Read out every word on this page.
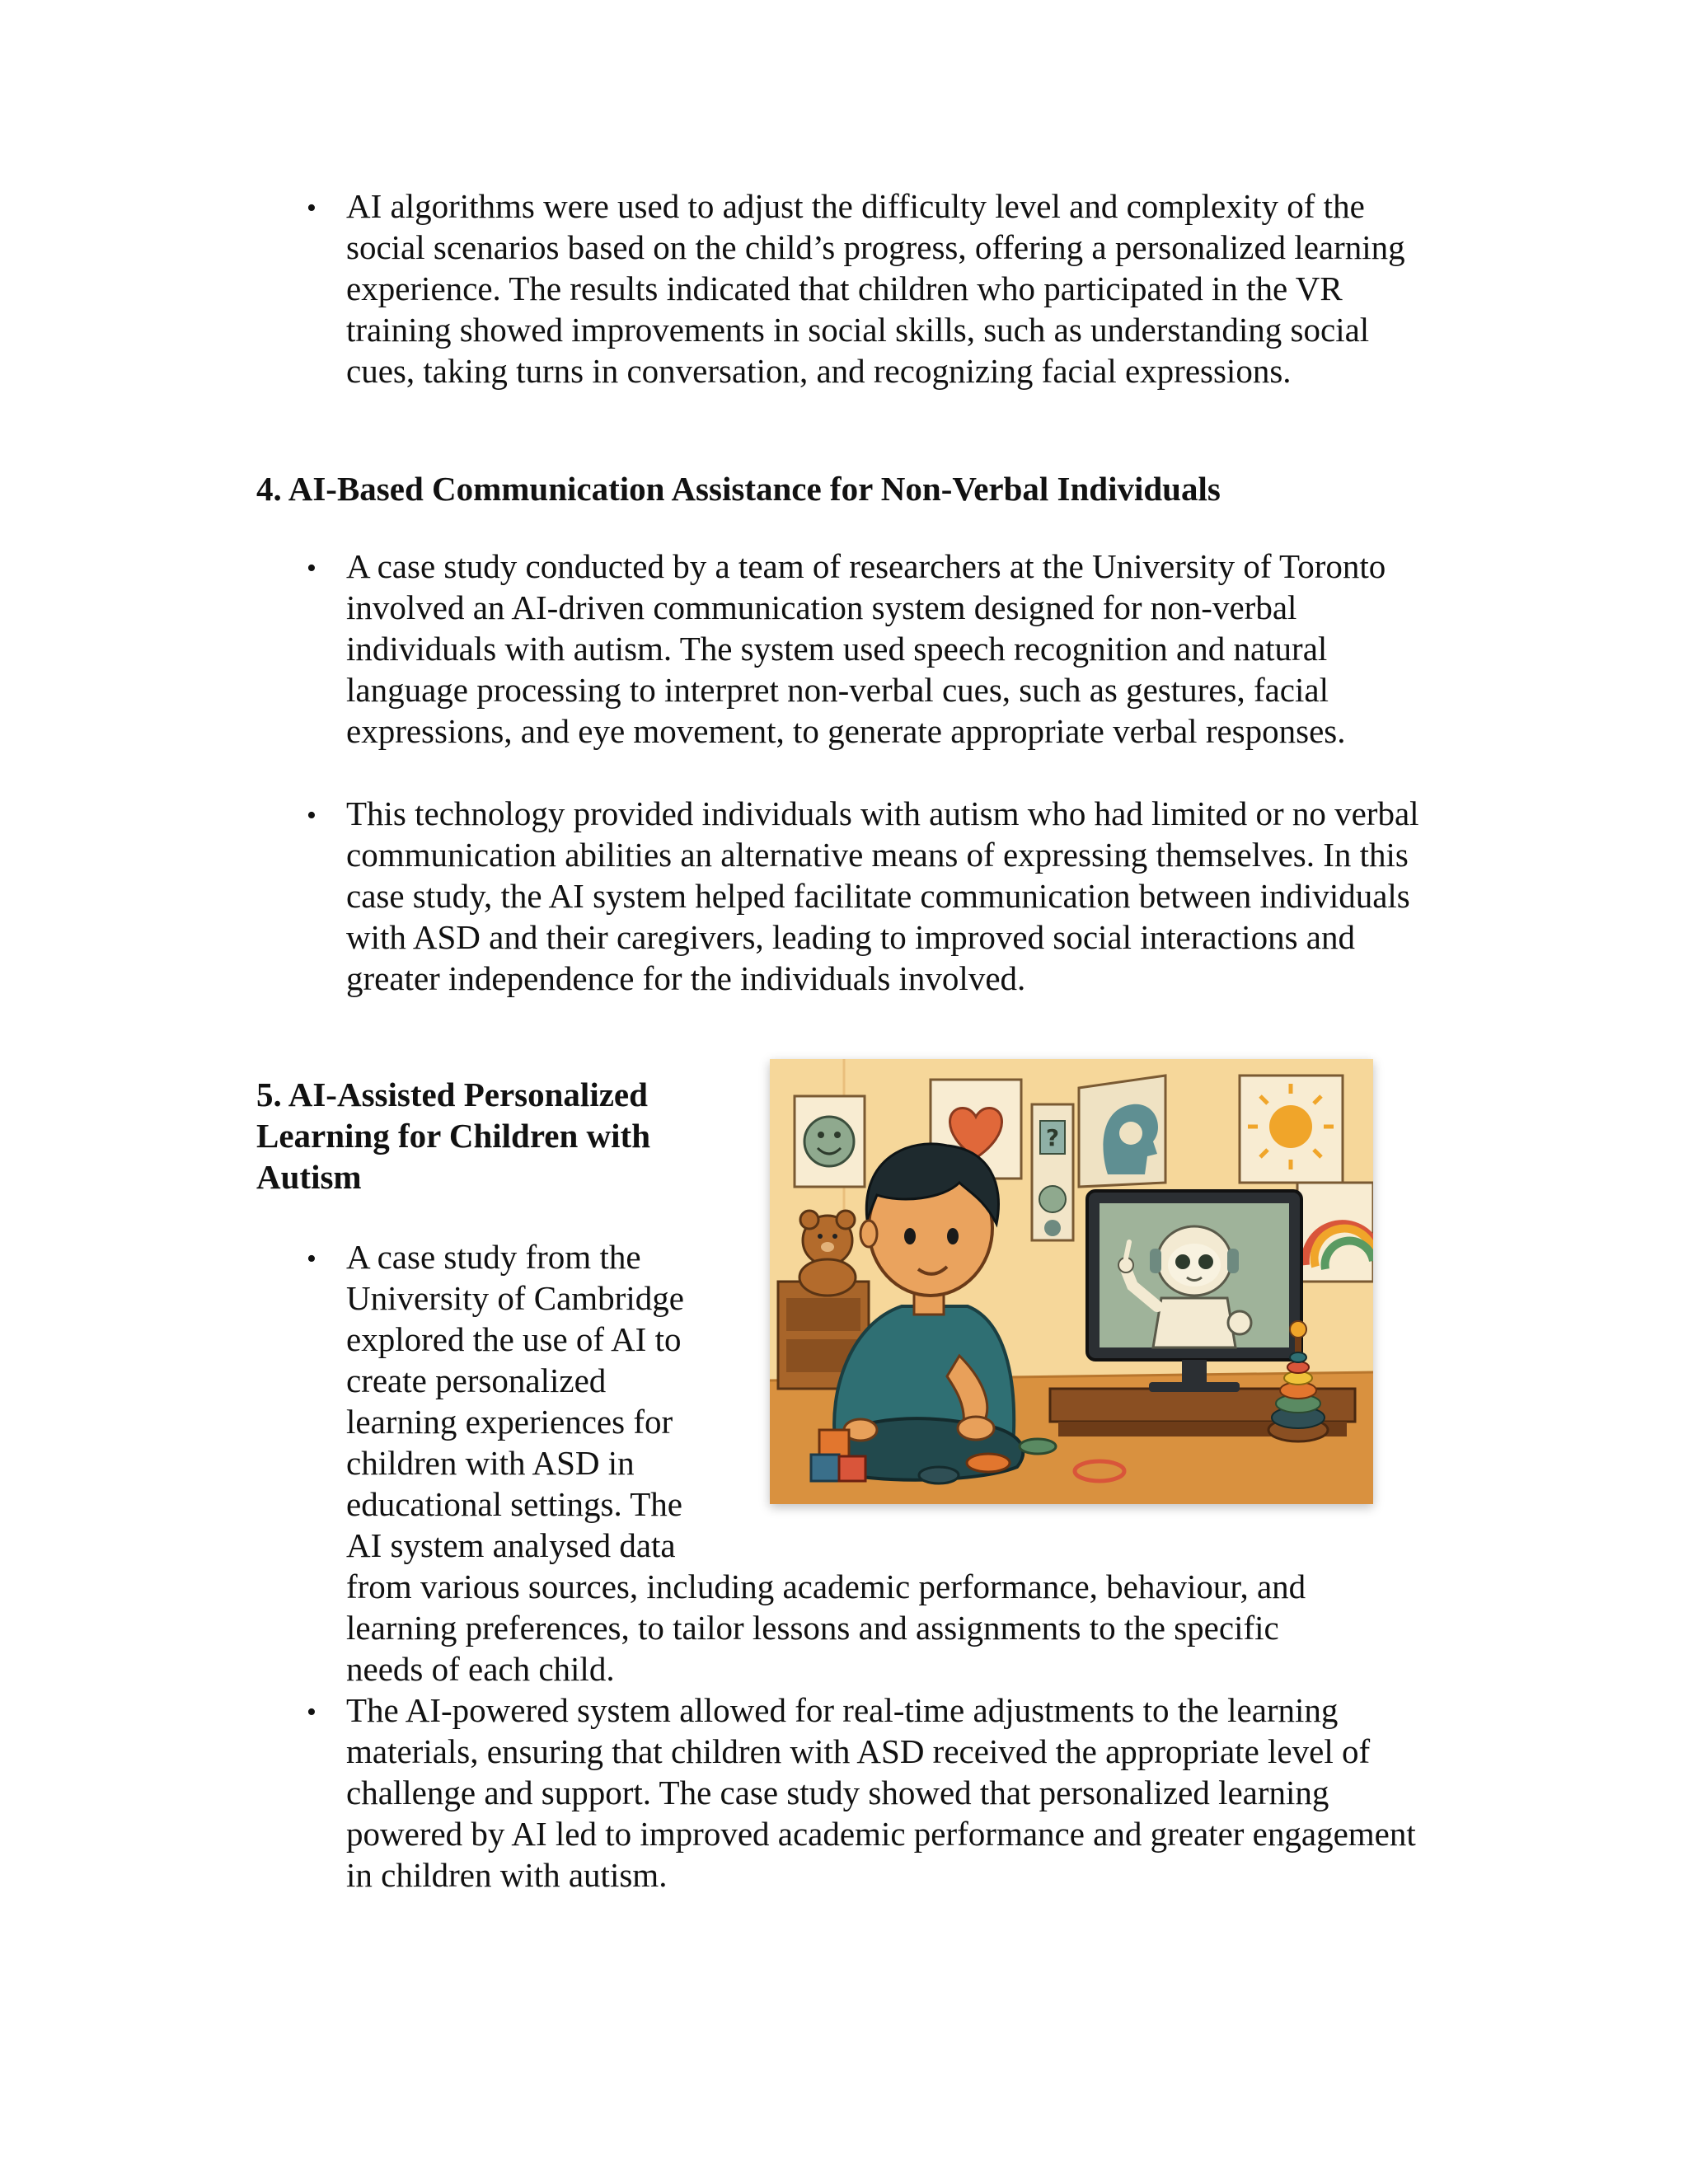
• AI algorithms were used to adjust the difficulty level and complexity of the social scenarios based on the child’s progress, offering a personalized learning experience. The results indicated that children who participated in the VR training showed improvements in social skills, such as understanding social cues, taking turns in conversation, and recognizing facial expressions.

4. AI-Based Communication Assistance for Non-Verbal Individuals
• A case study conducted by a team of researchers at the University of Toronto involved an AI-driven communication system designed for non-verbal individuals with autism. The system used speech recognition and natural language processing to interpret non-verbal cues, such as gestures, facial expressions, and eye movement, to generate appropriate verbal responses.

• This technology provided individuals with autism who had limited or no verbal communication abilities an alternative means of expressing themselves. In this case study, the AI system helped facilitate communication between individuals with ASD and their caregivers, leading to improved social interactions and greater independence for the individuals involved.

5. AI-Assisted Personalized
Learning for Children with
Autism
• A case study from the
University of Cambridge
explored the use of AI to
create personalized
learning experiences for
children with ASD in
educational settings. The
AI system analysed data
from various sources, including academic performance, behaviour, and
learning preferences, to tailor lessons and assignments to the specific
needs of each child.
• The AI-powered system allowed for real-time adjustments to the learning materials, ensuring that children with ASD received the appropriate level of challenge and support. The case study showed that personalized learning powered by AI led to improved academic performance and greater engagement in children with autism.

?
